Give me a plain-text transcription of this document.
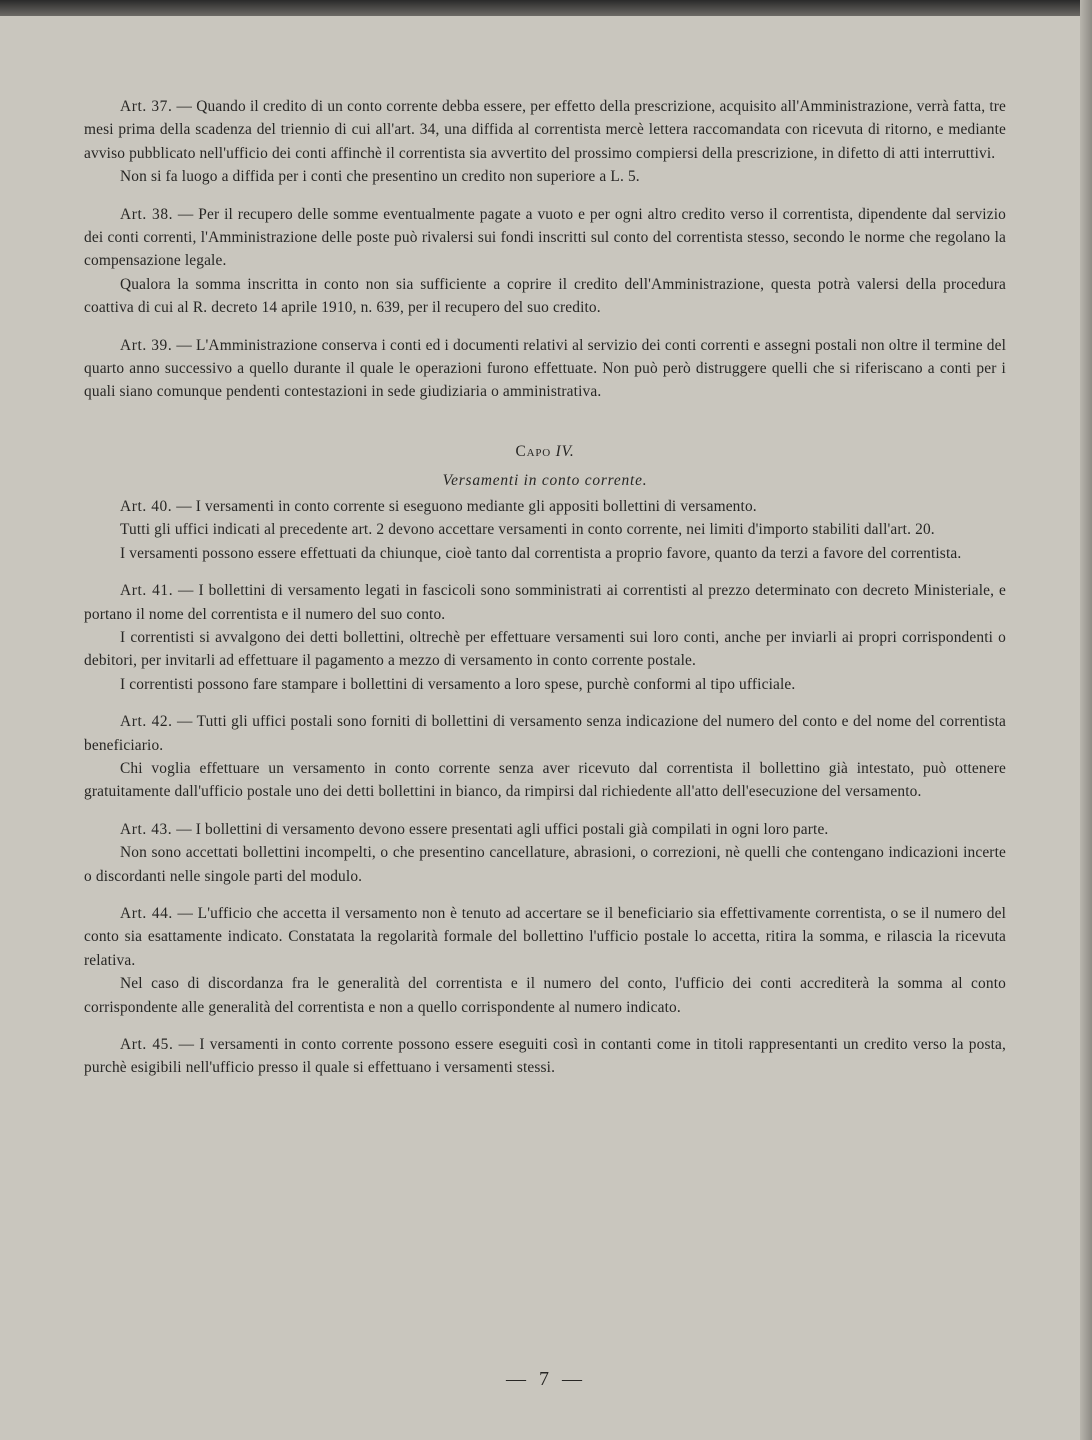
Art. 37. — Quando il credito di un conto corrente debba essere, per effetto della prescrizione, acquisito all'Amministrazione, verrà fatta, tre mesi prima della scadenza del triennio di cui all'art. 34, una diffida al correntista mercè lettera raccomandata con ricevuta di ritorno, e mediante avviso pubblicato nell'ufficio dei conti affinchè il correntista sia avvertito del prossimo compiersi della prescrizione, in difetto di atti interruttivi.

Non si fa luogo a diffida per i conti che presentino un credito non superiore a L. 5.

Art. 38. — Per il recupero delle somme eventualmente pagate a vuoto e per ogni altro credito verso il correntista, dipendente dal servizio dei conti correnti, l'Amministrazione delle poste può rivalersi sui fondi inscritti sul conto del correntista stesso, secondo le norme che regolano la compensazione legale.

Qualora la somma inscritta in conto non sia sufficiente a coprire il credito dell'Amministrazione, questa potrà valersi della procedura coattiva di cui al R. decreto 14 aprile 1910, n. 639, per il recupero del suo credito.

Art. 39. — L'Amministrazione conserva i conti ed i documenti relativi al servizio dei conti correnti e assegni postali non oltre il termine del quarto anno successivo a quello durante il quale le operazioni furono effettuate. Non può però distruggere quelli che si riferiscano a conti per i quali siano comunque pendenti contestazioni in sede giudiziaria o amministrativa.

Capo IV.
Versamenti in conto corrente.

Art. 40. — I versamenti in conto corrente si eseguono mediante gli appositi bollettini di versamento.

Tutti gli uffici indicati al precedente art. 2 devono accettare versamenti in conto corrente, nei limiti d'importo stabiliti dall'art. 20.

I versamenti possono essere effettuati da chiunque, cioè tanto dal correntista a proprio favore, quanto da terzi a favore del correntista.

Art. 41. — I bollettini di versamento legati in fascicoli sono somministrati ai correntisti al prezzo determinato con decreto Ministeriale, e portano il nome del correntista e il numero del suo conto.

I correntisti si avvalgono dei detti bollettini, oltrechè per effettuare versamenti sui loro conti, anche per inviarli ai propri corrispondenti o debitori, per invitarli ad effettuare il pagamento a mezzo di versamento in conto corrente postale.

I correntisti possono fare stampare i bollettini di versamento a loro spese, purchè conformi al tipo ufficiale.

Art. 42. — Tutti gli uffici postali sono forniti di bollettini di versamento senza indicazione del numero del conto e del nome del correntista beneficiario.

Chi voglia effettuare un versamento in conto corrente senza aver ricevuto dal correntista il bollettino già intestato, può ottenere gratuitamente dall'ufficio postale uno dei detti bollettini in bianco, da rimpirsi dal richiedente all'atto dell'esecuzione del versamento.

Art. 43. — I bollettini di versamento devono essere presentati agli uffici postali già compilati in ogni loro parte.

Non sono accettati bollettini incompelti, o che presentino cancellature, abrasioni, o correzioni, nè quelli che contengano indicazioni incerte o discordanti nelle singole parti del modulo.

Art. 44. — L'ufficio che accetta il versamento non è tenuto ad accertare se il beneficiario sia effettivamente correntista, o se il numero del conto sia esattamente indicato. Constatata la regolarità formale del bollettino l'ufficio postale lo accetta, ritira la somma, e rilascia la ricevuta relativa.

Nel caso di discordanza fra le generalità del correntista e il numero del conto, l'ufficio dei conti accrediterà la somma al conto corrispondente alle generalità del correntista e non a quello corrispondente al numero indicato.

Art. 45. — I versamenti in conto corrente possono essere eseguiti così in contanti come in titoli rappresentanti un credito verso la posta, purchè esigibili nell'ufficio presso il quale si effettuano i versamenti stessi.

— 7 —
